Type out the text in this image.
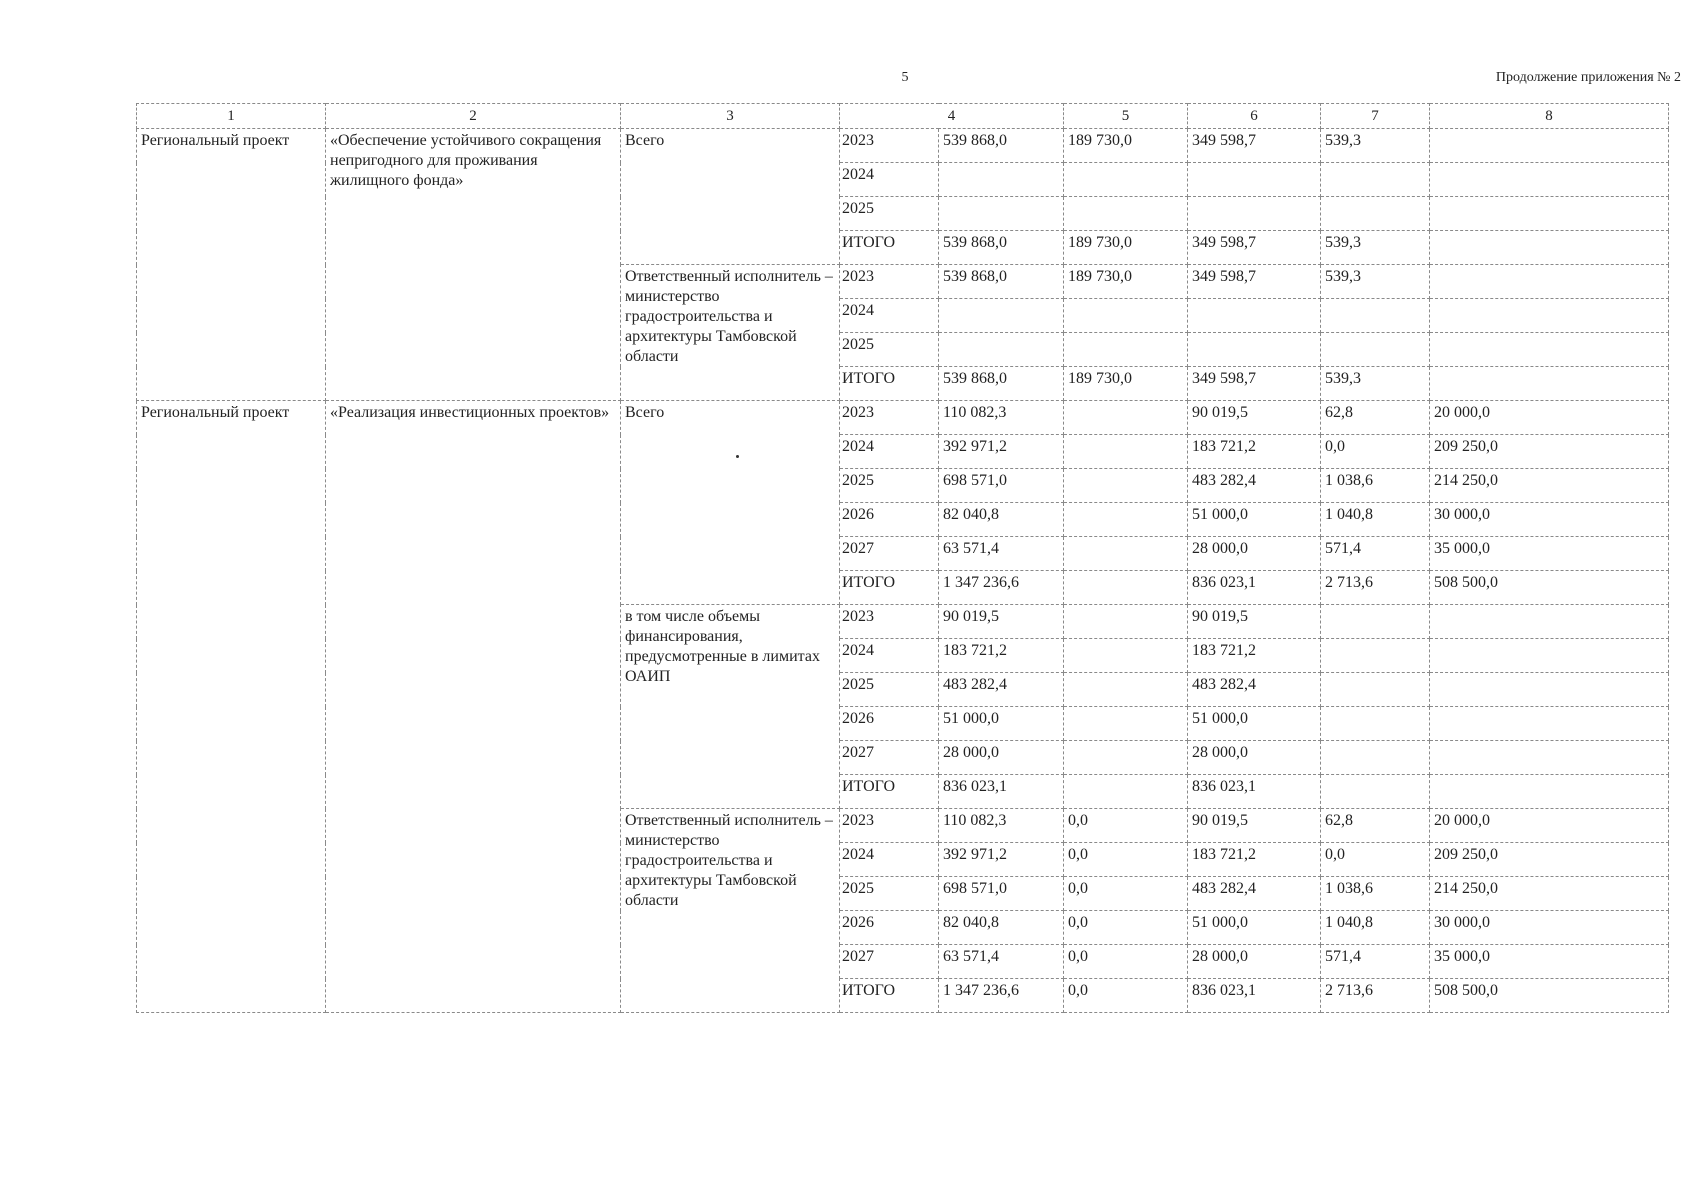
5	Продолжение приложения № 2
1	2	3	4		5	6	7	8
Региональный проект	«Обеспечение устойчивого сокращения непригодного для проживания жилищного фонда»	Всего	2023	539 868,0	189 730,0	349 598,7	539,3	
			2024					
			2025					
			ИТОГО	539 868,0	189 730,0	349 598,7	539,3	
		Ответственный исполнитель – министерство градостроительства и архитектуры Тамбовской области	2023	539 868,0	189 730,0	349 598,7	539,3	
			2024					
			2025					
			ИТОГО	539 868,0	189 730,0	349 598,7	539,3	
Региональный проект	«Реализация инвестиционных проектов»	Всего	2023	110 082,3		90 019,5	62,8	20 000,0
			2024	392 971,2		183 721,2	0,0	209 250,0
			2025	698 571,0		483 282,4	1 038,6	214 250,0
			2026	82 040,8		51 000,0	1 040,8	30 000,0
			2027	63 571,4		28 000,0	571,4	35 000,0
			ИТОГО	1 347 236,6		836 023,1	2 713,6	508 500,0
		в том числе объемы финансирования, предусмотренные в лимитах ОАИП	2023	90 019,5		90 019,5		
			2024	183 721,2		183 721,2		
			2025	483 282,4		483 282,4		
			2026	51 000,0		51 000,0		
			2027	28 000,0		28 000,0		
			ИТОГО	836 023,1		836 023,1		
		Ответственный исполнитель – министерство градостроительства и архитектуры Тамбовской области	2023	110 082,3	0,0	90 019,5	62,8	20 000,0
			2024	392 971,2	0,0	183 721,2	0,0	209 250,0
			2025	698 571,0	0,0	483 282,4	1 038,6	214 250,0
			2026	82 040,8	0,0	51 000,0	1 040,8	30 000,0
			2027	63 571,4	0,0	28 000,0	571,4	35 000,0
			ИТОГО	1 347 236,6	0,0	836 023,1	2 713,6	508 500,0
